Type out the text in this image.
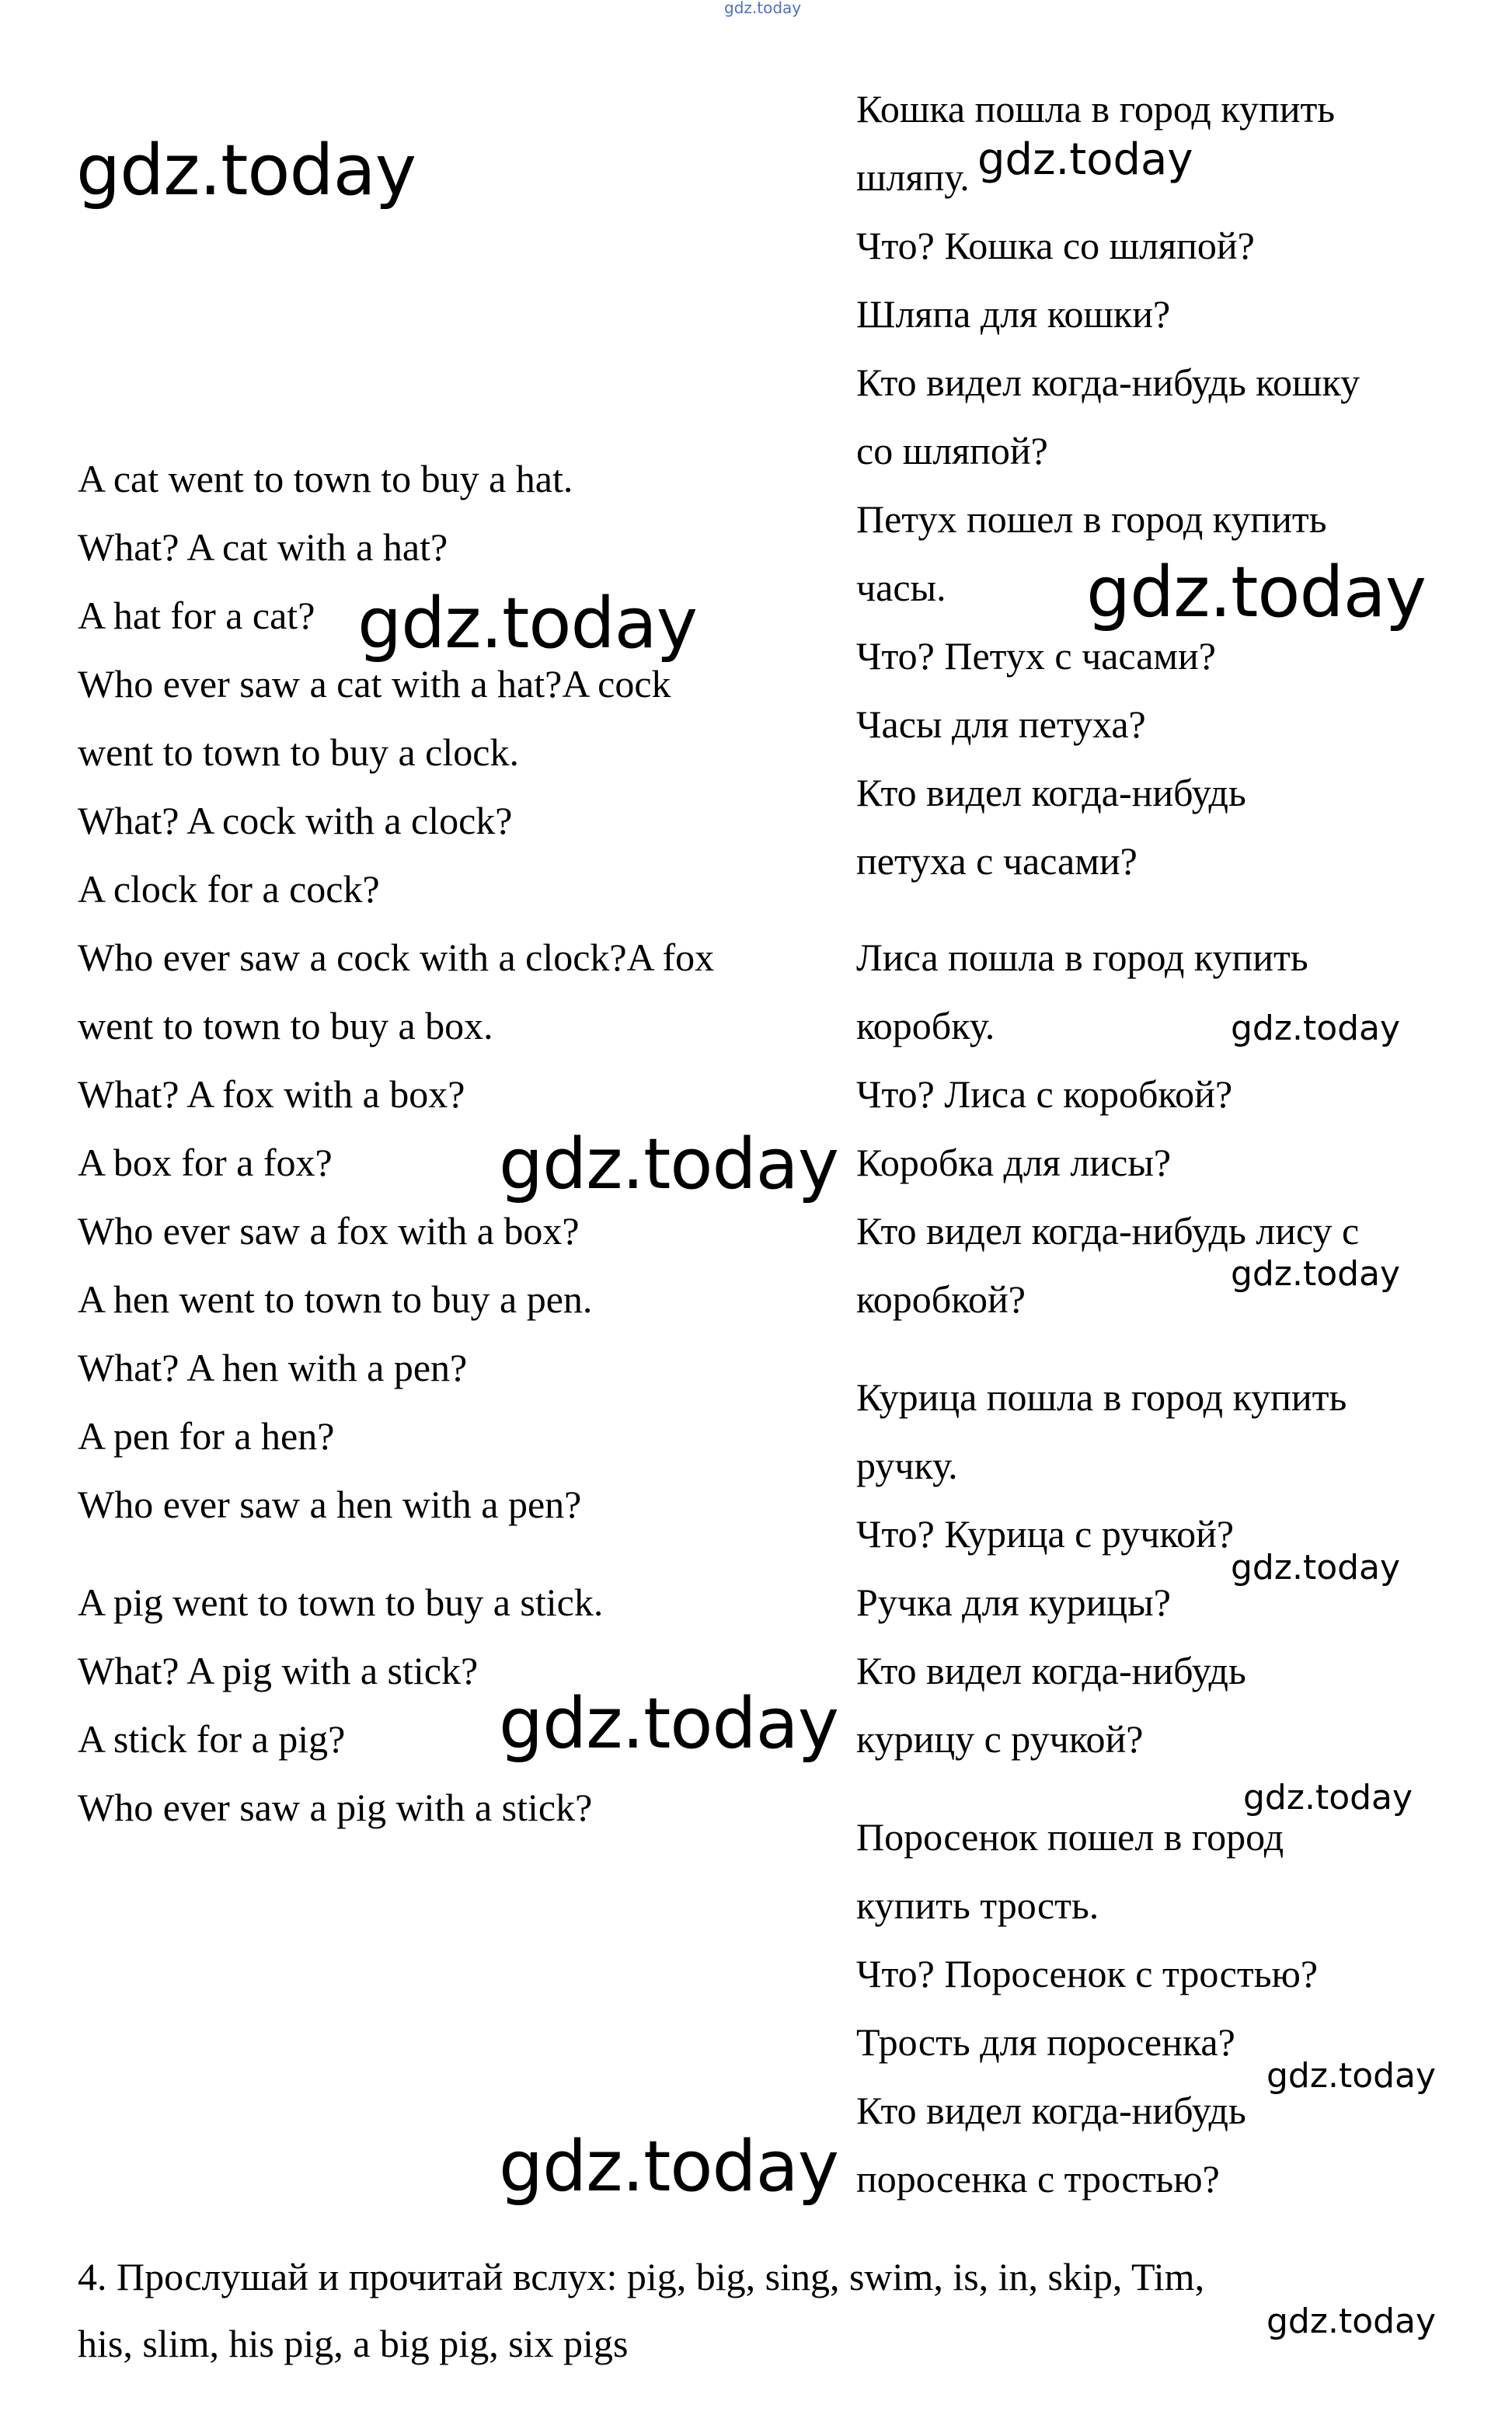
gdz.today
gdz.today	gdz.today
gdz.today
gdz.today
gdz.today
gdz.today
gdz.today
gdz.today
gdz.today
gdz.today
gdz.today
gdz.today
gdz.today

A cat went to town to buy a hat.

What? A cat with a hat?

A hat for a cat?

Who ever saw a cat with a hat?A cock

went to town to buy a clock.

What? A cock with a clock?

A clock for a cock?

Who ever saw a cock with a clock?A fox

went to town to buy a box.

What? A fox with a box?

A box for a fox?

Who ever saw a fox with a box?

A hen went to town to buy a pen.

What? A hen with a pen?

A pen for a hen?

Who ever saw a hen with a pen?

A pig went to town to buy a stick.

What? A pig with a stick?

A stick for a pig?

Who ever saw a pig with a stick?

Кошка пошла в город купить

шляпу.

Что? Кошка со шляпой?

Шляпа для кошки?

Кто видел когда-нибудь кошку

со шляпой?

Петух пошел в город купить

часы.

Что? Петух с часами?

Часы для петуха?

Кто видел когда-нибудь

петуха с часами?

Лиса пошла в город купить

коробку.

Что? Лиса с коробкой?

Коробка для лисы?

Кто видел когда-нибудь лису с

коробкой?

Курица пошла в город купить

ручку.

Что? Курица с ручкой?

Ручка для курицы?

Кто видел когда-нибудь

курицу с ручкой?

Поросенок пошел в город

купить трость.

Что? Поросенок с тростью?

Трость для поросенка?

Кто видел когда-нибудь

поросенка с тростью?

4. Прослушай и прочитай вслух: pig, big, sing, swim, is, in, skip, Tim,

his, slim, his pig, a big pig, six pigs
